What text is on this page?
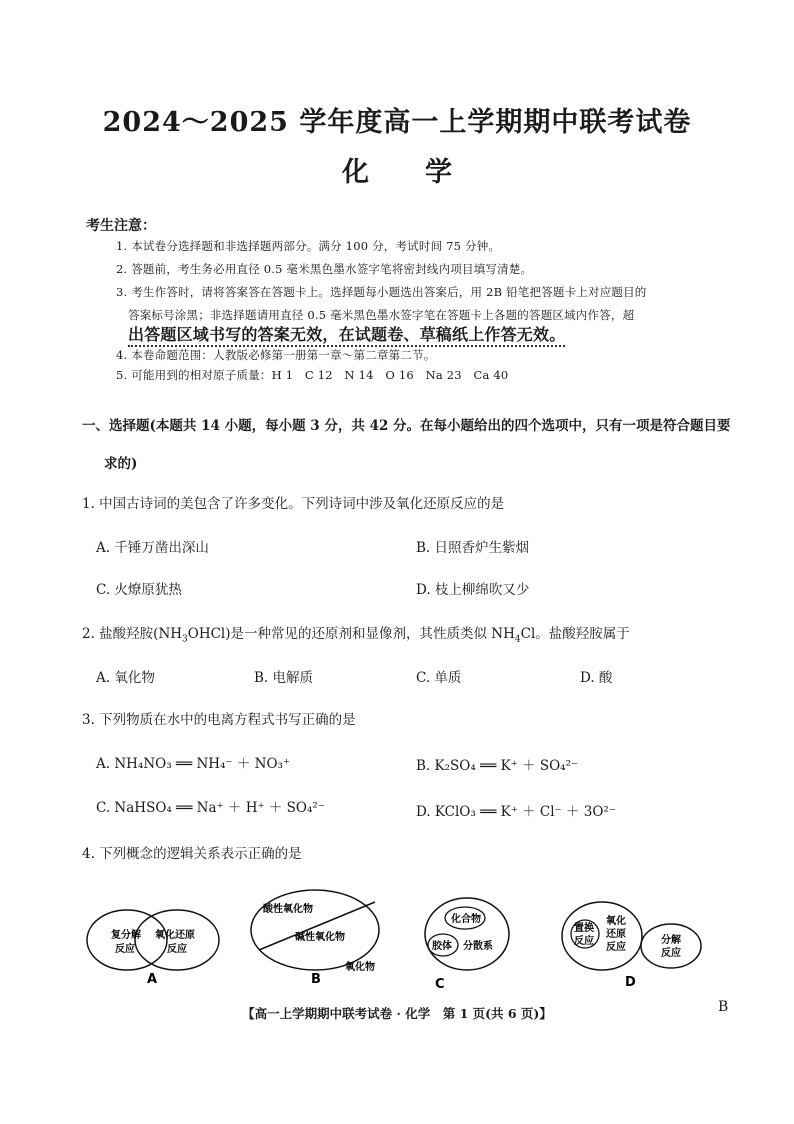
2024～2025 学年度高一上学期期中联考试卷
化 学
考生注意：
1. 本试卷分选择题和非选择题两部分。满分 100 分，考试时间 75 分钟。
2. 答题前，考生务必用直径 0.5 毫米黑色墨水签字笔将密封线内项目填写清楚。
3. 考生作答时，请将答案答在答题卡上。选择题每小题选出答案后，用 2B 铅笔把答题卡上对应题目的
答案标号涂黑；非选择题请用直径 0.5 毫米黑色墨水签字笔在答题卡上各题的答题区域内作答，超
出答题区域书写的答案无效，在试题卷、草稿纸上作答无效。
4. 本卷命题范围：人教版必修第一册第一章～第二章第二节。
5. 可能用到的相对原子质量：H 1　C 12　N 14　O 16　Na 23　Ca 40
一、选择题(本题共 14 小题，每小题 3 分，共 42 分。在每小题给出的四个选项中，只有一项是符合题目要
求的)
1. 中国古诗词的美包含了许多变化。下列诗词中涉及氧化还原反应的是
A. 千锤万凿出深山	B. 日照香炉生紫烟
C. 火燎原犹热	D. 枝上柳绵吹又少
2. 盐酸羟胺$(NH_3OHCl)$是一种常见的还原剂和显像剂，其性质类似 $NH_4Cl$。盐酸羟胺属于
A. 氧化物	B. 电解质	C. 单质	D. 酸
3. 下列物质在水中的电离方程式书写正确的是
A. NH₄NO₃ ══ NH₄⁻ ＋ NO₃⁺	B. K₂SO₄ ══ K⁺ ＋ SO₄²⁻
C. NaHSO₄ ══ Na⁺ ＋ H⁺ ＋ SO₄²⁻	D. KClO₃ ══ K⁺ ＋ Cl⁻ ＋ 3O²⁻
4. 下列概念的逻辑关系表示正确的是
复分解
反应
氧化还原
反应
A
酸性氧化物
碱性氧化物
氧化物
B
化合物
胶体 分散系
C
置换
反应
氧化
还原
反应
分解
反应
D
【高一上学期期中联考试卷 · 化学　第 1 页(共 6 页)】	B
